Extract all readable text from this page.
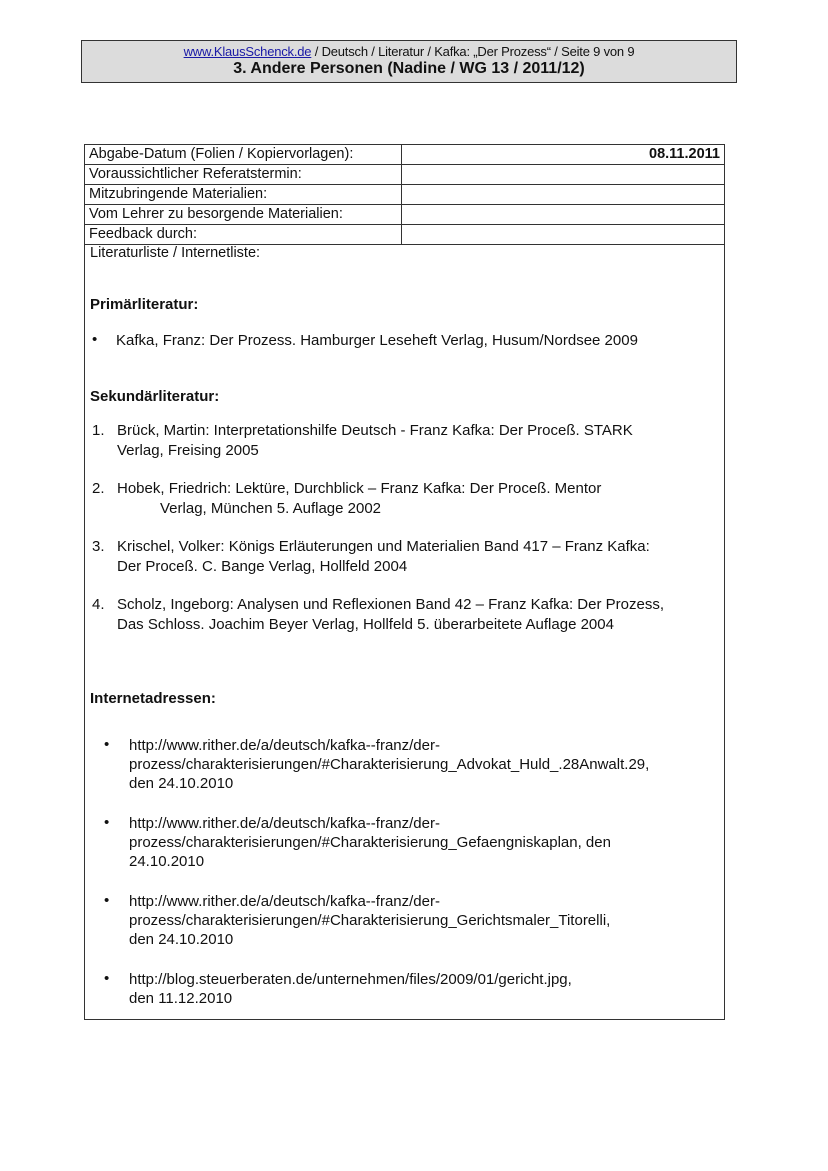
www.KlausSchenck.de / Deutsch / Literatur / Kafka: „Der Prozess“ / Seite 9 von 9
3. Andere Personen (Nadine / WG 13 / 2011/12)
Abgabe-Datum (Folien / Kopiervorlagen):	08.11.2011
Voraussichtlicher Referatstermin:	
Mitzubringende Materialien:	
Vom Lehrer zu besorgende Materialien:	
Feedback durch:	
Literaturliste / Internetliste:
Primärliteratur:
• Kafka, Franz: Der Prozess. Hamburger Leseheft Verlag, Husum/Nordsee 2009
Sekundärliteratur:
1. Brück, Martin: Interpretationshilfe Deutsch - Franz Kafka: Der Proceß. STARK
Verlag, Freising 2005
2. Hobek, Friedrich: Lektüre, Durchblick – Franz Kafka: Der Proceß. Mentor
Verlag, München 5. Auflage 2002
3. Krischel, Volker: Königs Erläuterungen und Materialien Band 417 – Franz Kafka:
Der Proceß. C. Bange Verlag, Hollfeld 2004
4. Scholz, Ingeborg: Analysen und Reflexionen Band 42 – Franz Kafka: Der Prozess,
Das Schloss. Joachim Beyer Verlag, Hollfeld 5. überarbeitete Auflage 2004
Internetadressen:
• http://www.rither.de/a/deutsch/kafka--franz/der-
prozess/charakterisierungen/#Charakterisierung_Advokat_Huld_.28Anwalt.29,
den 24.10.2010
• http://www.rither.de/a/deutsch/kafka--franz/der-
prozess/charakterisierungen/#Charakterisierung_Gefaengniskaplan, den
24.10.2010
• http://www.rither.de/a/deutsch/kafka--franz/der-
prozess/charakterisierungen/#Charakterisierung_Gerichtsmaler_Titorelli,
den 24.10.2010
• http://blog.steuerberaten.de/unternehmen/files/2009/01/gericht.jpg,
den 11.12.2010
